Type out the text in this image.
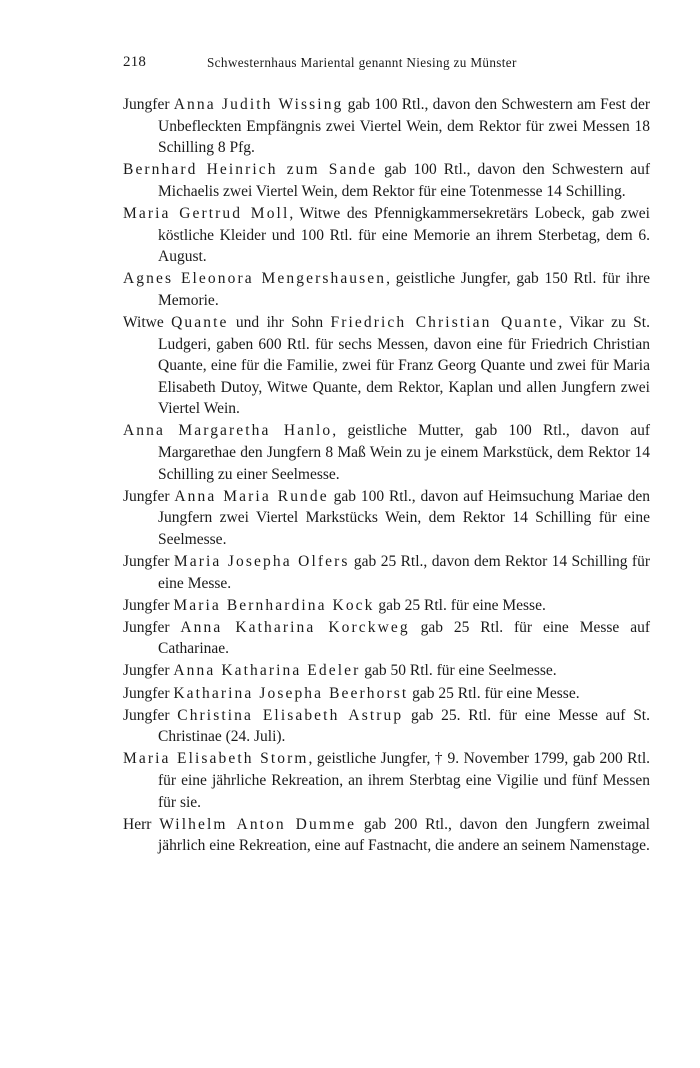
218	Schwesternhaus Mariental genannt Niesing zu Münster

Jungfer Anna Judith Wissing gab 100 Rtl., davon den Schwestern am Fest der Unbefleckten Empfängnis zwei Viertel Wein, dem Rektor für zwei Messen 18 Schilling 8 Pfg.

Bernhard Heinrich zum Sande gab 100 Rtl., davon den Schwestern auf Michaelis zwei Viertel Wein, dem Rektor für eine Totenmesse 14 Schilling.

Maria Gertrud Moll, Witwe des Pfennigkammersekretärs Lobeck, gab zwei köstliche Kleider und 100 Rtl. für eine Memorie an ihrem Sterbetag, dem 6. August.

Agnes Eleonora Mengershausen, geistliche Jungfer, gab 150 Rtl. für ihre Memorie.

Witwe Quante und ihr Sohn Friedrich Christian Quante, Vikar zu St. Ludgeri, gaben 600 Rtl. für sechs Messen, davon eine für Friedrich Christian Quante, eine für die Familie, zwei für Franz Georg Quante und zwei für Maria Elisabeth Dutoy, Witwe Quante, dem Rektor, Kaplan und allen Jungfern zwei Viertel Wein.

Anna Margaretha Hanlo, geistliche Mutter, gab 100 Rtl., davon auf Margarethae den Jungfern 8 Maß Wein zu je einem Markstück, dem Rektor 14 Schilling zu einer Seelmesse.

Jungfer Anna Maria Runde gab 100 Rtl., davon auf Heimsuchung Mariae den Jungfern zwei Viertel Markstücks Wein, dem Rektor 14 Schilling für eine Seelmesse.

Jungfer Maria Josepha Olfers gab 25 Rtl., davon dem Rektor 14 Schilling für eine Messe.

Jungfer Maria Bernhardina Kock gab 25 Rtl. für eine Messe.

Jungfer Anna Katharina Korckweg gab 25 Rtl. für eine Messe auf Catharinae.

Jungfer Anna Katharina Edeler gab 50 Rtl. für eine Seelmesse.

Jungfer Katharina Josepha Beerhorst gab 25 Rtl. für eine Messe.

Jungfer Christina Elisabeth Astrup gab 25. Rtl. für eine Messe auf St. Christinae (24. Juli).

Maria Elisabeth Storm, geistliche Jungfer, † 9. November 1799, gab 200 Rtl. für eine jährliche Rekreation, an ihrem Sterbtag eine Vigilie und fünf Messen für sie.

Herr Wilhelm Anton Dumme gab 200 Rtl., davon den Jungfern zweimal jährlich eine Rekreation, eine auf Fastnacht, die andere an seinem Namenstage.
